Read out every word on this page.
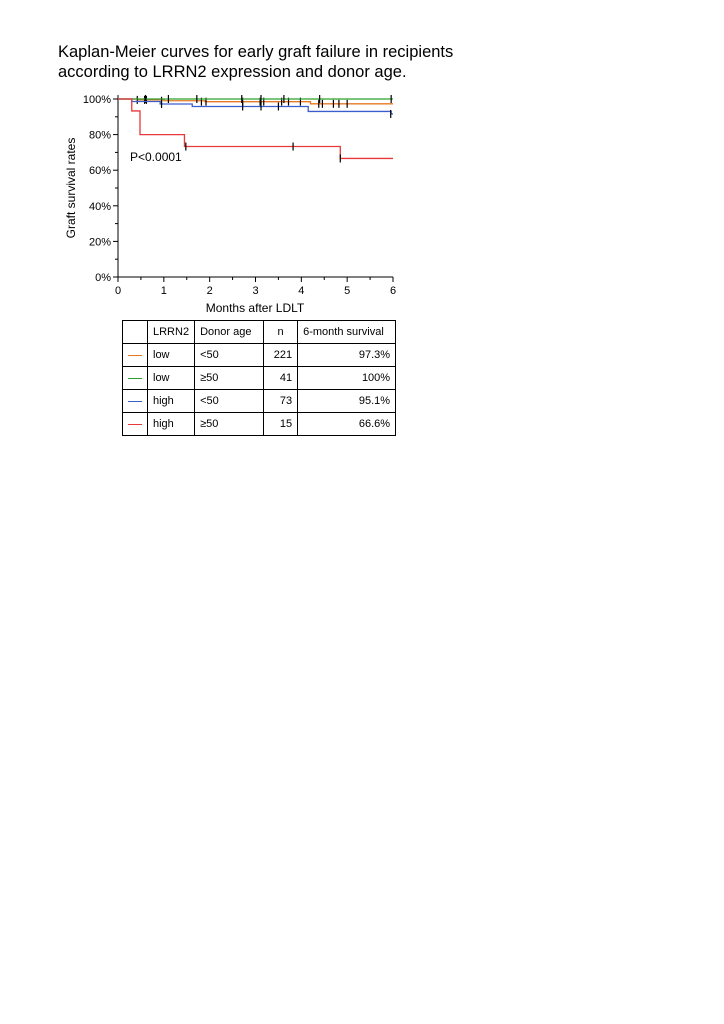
Kaplan-Meier curves for early graft failure in recipients
according to LRRN2 expression and donor age.
0%
20%
40%
60%
80%
100%
0	1	2	3	4	5	6
Graft survival rates
Months after LDLT
P<0.0001
	LRRN2	Donor age	n	6-month survival
	low	<50	221	97.3%
	low	≥50	41	100%
	high	<50	73	95.1%
	high	≥50	15	66.6%
